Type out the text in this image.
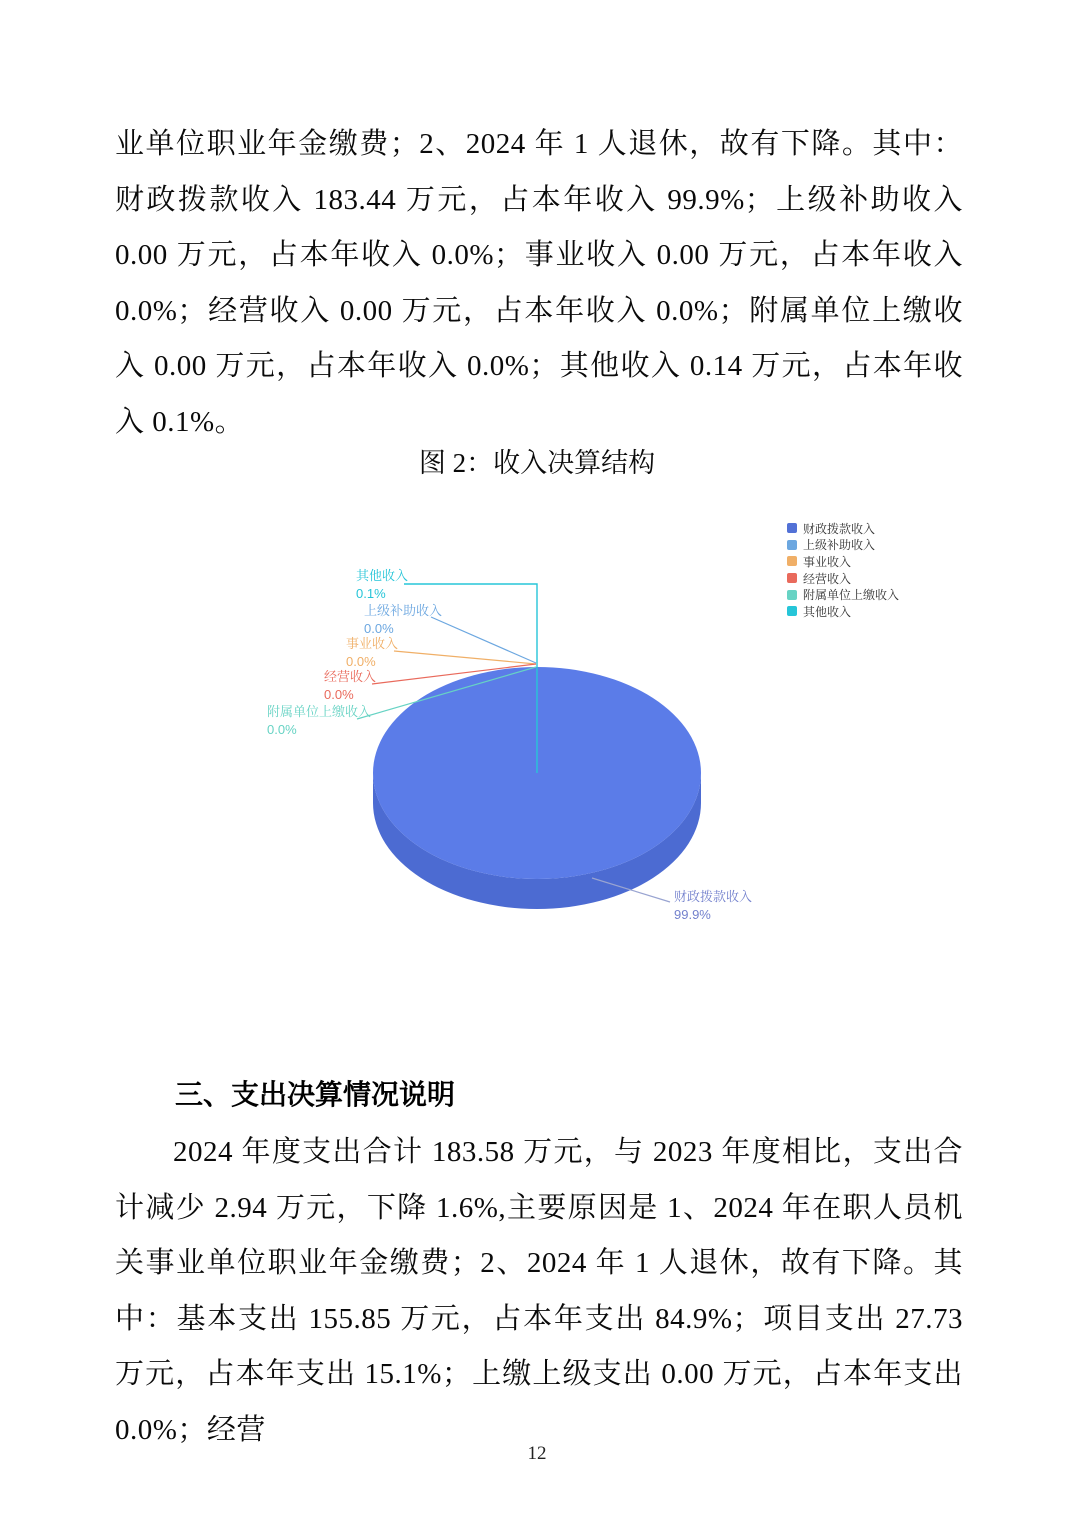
业单位职业年金缴费；2、2024 年 1 人退休，故有下降。其中：财政拨款收入 183.44 万元，占本年收入 99.9%；上级补助收入 0.00 万元，占本年收入 0.0%；事业收入 0.00 万元，占本年收入 0.0%；经营收入 0.00 万元，占本年收入 0.0%；附属单位上缴收入 0.00 万元，占本年收入 0.0%；其他收入 0.14 万元，占本年收入 0.1%。

图 2：收入决算结构
其他收入
0.1%
上级补助收入
0.0%
事业收入
0.0%
经营收入
0.0%
附属单位上缴收入
0.0%
财政拨款收入
99.9%
财政拨款收入
上级补助收入
事业收入
经营收入
附属单位上缴收入
其他收入
三、支出决算情况说明

2024 年度支出合计 183.58 万元，与 2023 年度相比，支出合计减少 2.94 万元，下降 1.6%,主要原因是 1、2024 年在职人员机关事业单位职业年金缴费；2、2024 年 1 人退休，故有下降。其中：基本支出 155.85 万元，占本年支出 84.9%；项目支出 27.73 万元，占本年支出 15.1%；上缴上级支出 0.00 万元，占本年支出 0.0%；经营

12
